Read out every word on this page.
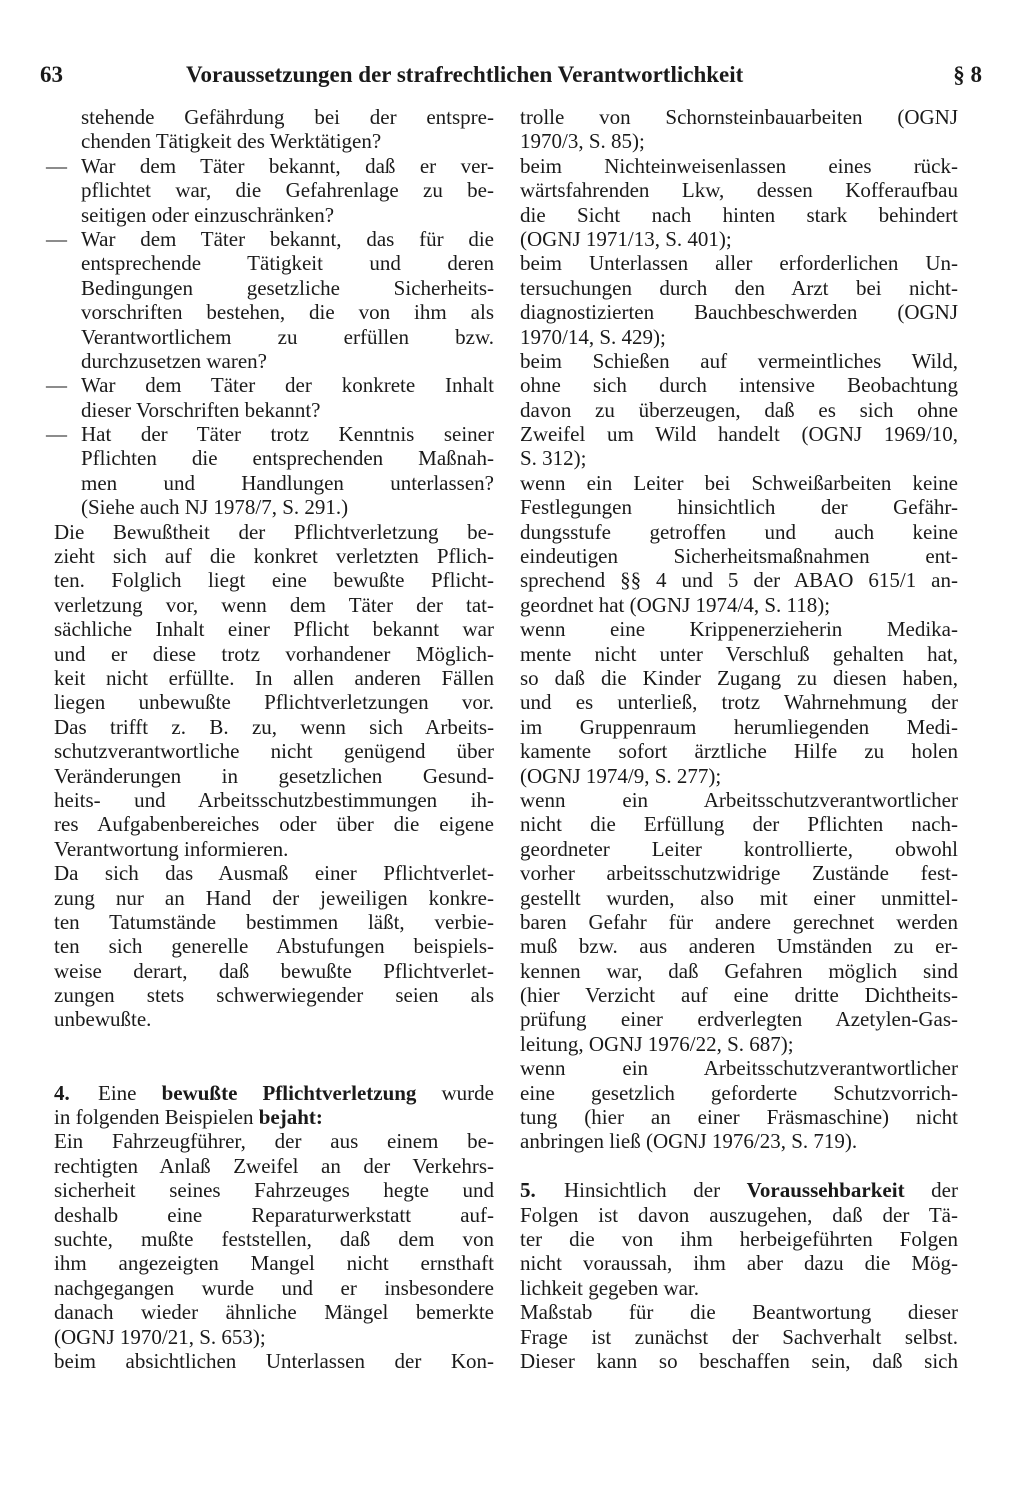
63	Voraussetzungen der strafrechtlichen Verantwortlichkeit	§ 8
stehende Gefährdung bei der entspre-
chenden Tätigkeit des Werktätigen?
— War dem Täter bekannt, daß er ver-
pflichtet war, die Gefahrenlage zu be-
seitigen oder einzuschränken?
— War dem Täter bekannt, das für die
entsprechende Tätigkeit und deren
Bedingungen gesetzliche Sicherheits-
vorschriften bestehen, die von ihm als
Verantwortlichem zu erfüllen bzw.
durchzusetzen waren?
— War dem Täter der konkrete Inhalt
dieser Vorschriften bekannt?
— Hat der Täter trotz Kenntnis seiner
Pflichten die entsprechenden Maßnah-
men und Handlungen unterlassen?
(Siehe auch NJ 1978/7, S. 291.)
Die Bewußtheit der Pflichtverletzung be-
zieht sich auf die konkret verletzten Pflich-
ten. Folglich liegt eine bewußte Pflicht-
verletzung vor, wenn dem Täter der tat-
sächliche Inhalt einer Pflicht bekannt war
und er diese trotz vorhandener Möglich-
keit nicht erfüllte. In allen anderen Fällen
liegen unbewußte Pflichtverletzungen vor.
Das trifft z. B. zu, wenn sich Arbeits-
schutzverantwortliche nicht genügend über
Veränderungen in gesetzlichen Gesund-
heits- und Arbeitsschutzbestimmungen ih-
res Aufgabenbereiches oder über die eigene
Verantwortung informieren.
Da sich das Ausmaß einer Pflichtverlet-
zung nur an Hand der jeweiligen konkre-
ten Tatumstände bestimmen läßt, verbie-
ten sich generelle Abstufungen beispiels-
weise derart, daß bewußte Pflichtverlet-
zungen stets schwerwiegender seien als
unbewußte.
4. Eine bewußte Pflichtverletzung wurde
in folgenden Beispielen bejaht:
Ein Fahrzeugführer, der aus einem be-
rechtigten Anlaß Zweifel an der Verkehrs-
sicherheit seines Fahrzeuges hegte und
deshalb eine Reparaturwerkstatt auf-
suchte, mußte feststellen, daß dem von
ihm angezeigten Mangel nicht ernsthaft
nachgegangen wurde und er insbesondere
danach wieder ähnliche Mängel bemerkte
(OGNJ 1970/21, S. 653);
beim absichtlichen Unterlassen der Kon-
trolle von Schornsteinbauarbeiten (OGNJ
1970/3, S. 85);
beim Nichteinweisenlassen eines rück-
wärtsfahrenden Lkw, dessen Kofferaufbau
die Sicht nach hinten stark behindert
(OGNJ 1971/13, S. 401);
beim Unterlassen aller erforderlichen Un-
tersuchungen durch den Arzt bei nicht-
diagnostizierten Bauchbeschwerden (OGNJ
1970/14, S. 429);
beim Schießen auf vermeintliches Wild,
ohne sich durch intensive Beobachtung
davon zu überzeugen, daß es sich ohne
Zweifel um Wild handelt (OGNJ 1969/10,
S. 312);
wenn ein Leiter bei Schweißarbeiten keine
Festlegungen hinsichtlich der Gefähr-
dungsstufe getroffen und auch keine
eindeutigen Sicherheitsmaßnahmen ent-
sprechend §§ 4 und 5 der ABAO 615/1 an-
geordnet hat (OGNJ 1974/4, S. 118);
wenn eine Krippenerzieherin Medika-
mente nicht unter Verschluß gehalten hat,
so daß die Kinder Zugang zu diesen haben,
und es unterließ, trotz Wahrnehmung der
im Gruppenraum herumliegenden Medi-
kamente sofort ärztliche Hilfe zu holen
(OGNJ 1974/9, S. 277);
wenn ein Arbeitsschutzverantwortlicher
nicht die Erfüllung der Pflichten nach-
geordneter Leiter kontrollierte, obwohl
vorher arbeitsschutzwidrige Zustände fest-
gestellt wurden, also mit einer unmittel-
baren Gefahr für andere gerechnet werden
muß bzw. aus anderen Umständen zu er-
kennen war, daß Gefahren möglich sind
(hier Verzicht auf eine dritte Dichtheits-
prüfung einer erdverlegten Azetylen-Gas-
leitung, OGNJ 1976/22, S. 687);
wenn ein Arbeitsschutzverantwortlicher
eine gesetzlich geforderte Schutzvorrich-
tung (hier an einer Fräsmaschine) nicht
anbringen ließ (OGNJ 1976/23, S. 719).
5. Hinsichtlich der Voraussehbarkeit der
Folgen ist davon auszugehen, daß der Tä-
ter die von ihm herbeigeführten Folgen
nicht voraussah, ihm aber dazu die Mög-
lichkeit gegeben war.
Maßstab für die Beantwortung dieser
Frage ist zunächst der Sachverhalt selbst.
Dieser kann so beschaffen sein, daß sich
